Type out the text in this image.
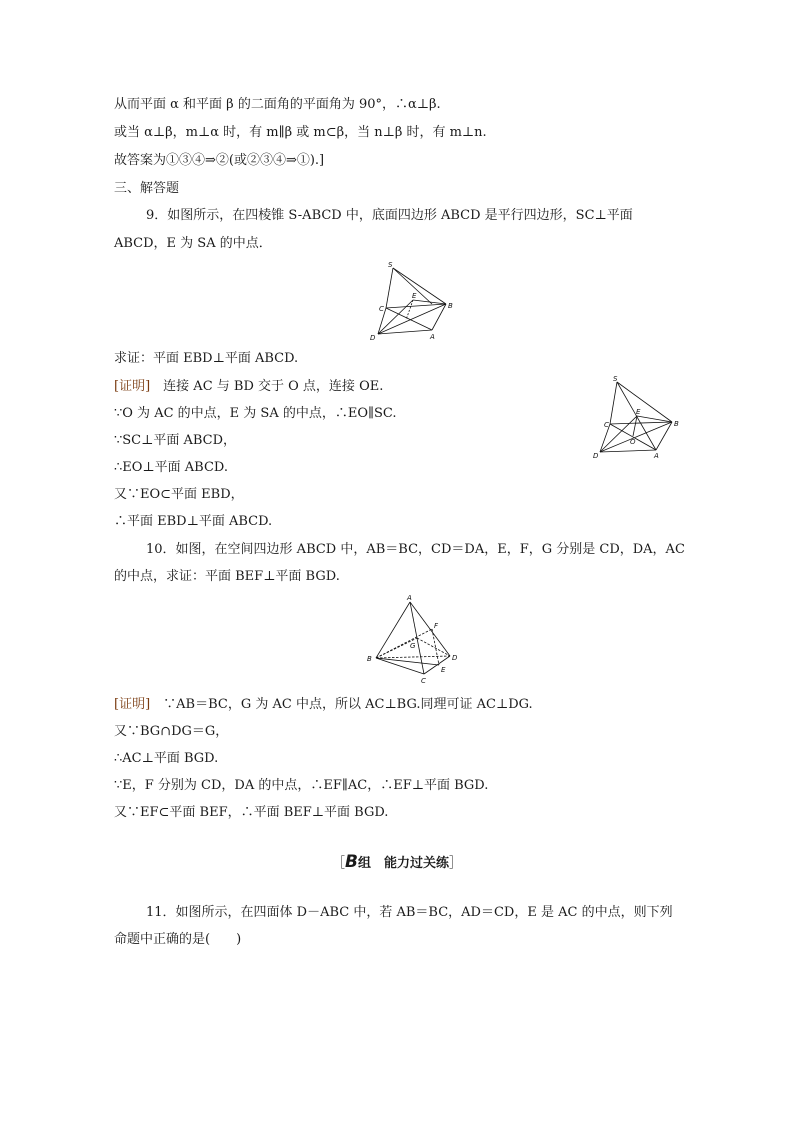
从而平面 α 和平面 β 的二面角的平面角为 90°，∴α⊥β.
或当 α⊥β，m⊥α 时，有 m∥β 或 m⊂β，当 n⊥β 时，有 m⊥n.
故答案为①③④⇒②(或②③④⇒①).]
三、解答题
9．如图所示，在四棱锥 S-ABCD 中，底面四边形 ABCD 是平行四边形，SC⊥平面
ABCD，E 为 SA 的中点．
S
E
C	B
D	A
求证：平面 EBD⊥平面 ABCD.
[证明]　 连接 AC 与 BD 交于 O 点，连接 OE.
∵O 为 AC 的中点，E 为 SA 的中点，∴EO∥SC.
∵SC⊥平面 ABCD，
∴EO⊥平面 ABCD.
又∵EO⊂平面 EBD，
∴平面 EBD⊥平面 ABCD.
S
E
C
O
B
D	A
10．如图，在空间四边形 ABCD 中，AB＝BC，CD＝DA，E，F，G 分别是 CD，DA，AC
的中点，求证：平面 BEF⊥平面 BGD.
A
F
G
B	D
E
C
[证明]　 ∵AB＝BC，G 为 AC 中点，所以 AC⊥BG.同理可证 AC⊥DG.
又∵BG∩DG＝G，
∴AC⊥平面 BGD.
∵E，F 分别为 CD，DA 的中点，∴EF∥AC，∴EF⊥平面 BGD.
又∵EF⊂平面 BEF，∴平面 BEF⊥平面 BGD.
［B组　能力过关练］
11．如图所示，在四面体 D－ABC 中，若 AB＝BC，AD＝CD，E 是 AC 的中点，则下列
命题中正确的是(　　)
